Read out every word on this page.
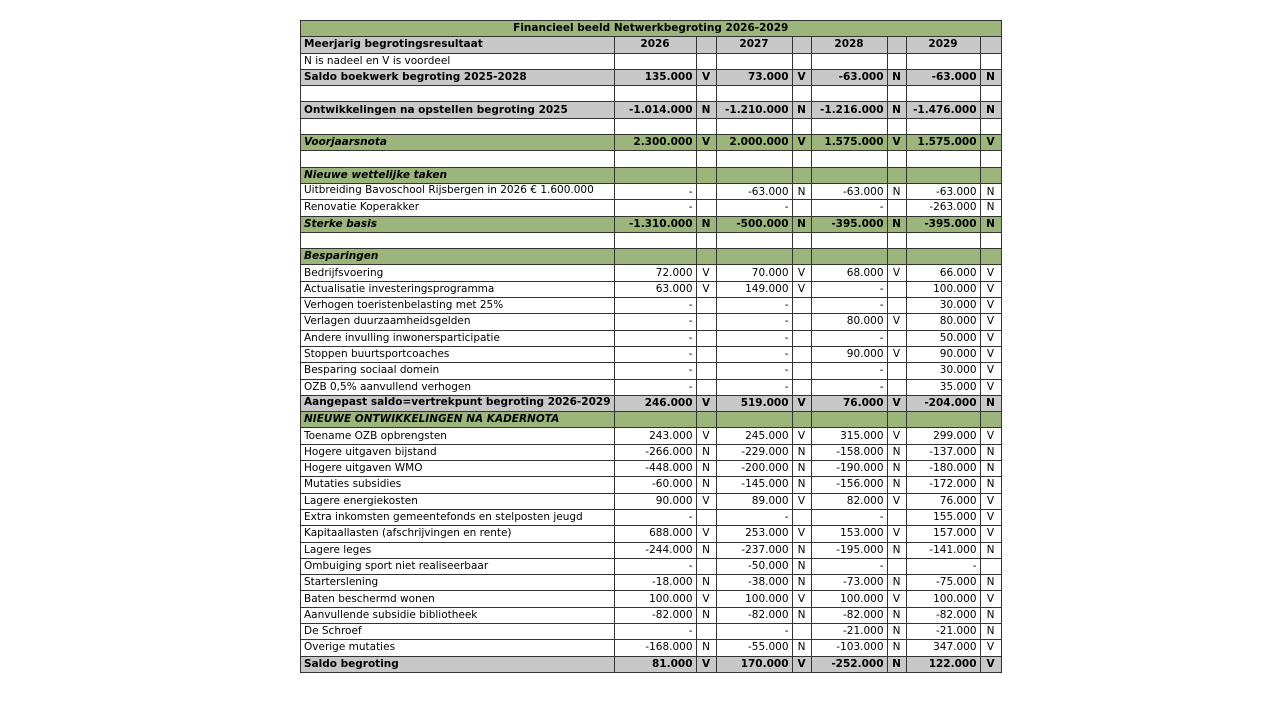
Financieel beeld Netwerkbegroting 2026-2029								
Meerjarig begrotingsresultaat	2026		2027		2028		2029	
N is nadeel en V is voordeel								
Saldo boekwerk begroting 2025-2028	135.000	V	73.000	V	-63.000	N	-63.000	N

Ontwikkelingen na opstellen begroting 2025	-1.014.000	N	-1.210.000	N	-1.216.000	N	-1.476.000	N

Voorjaarsnota	2.300.000	V	2.000.000	V	1.575.000	V	1.575.000	V

Nieuwe wettelijke taken								
Uitbreiding Bavoschool Rijsbergen in 2026 € 1.600.000	-		-63.000	N	-63.000	N	-63.000	N
Renovatie Koperakker	-		-		-		-263.000	N
Sterke basis	-1.310.000	N	-500.000	N	-395.000	N	-395.000	N

Besparingen								
Bedrijfsvoering	72.000	V	70.000	V	68.000	V	66.000	V
Actualisatie investeringsprogramma	63.000	V	149.000	V	-		100.000	V
Verhogen toeristenbelasting met 25%	-		-		-		30.000	V
Verlagen duurzaamheidsgelden	-		-		80.000	V	80.000	V
Andere invulling inwonersparticipatie	-		-		-		50.000	V
Stoppen buurtsportcoaches	-		-		90.000	V	90.000	V
Besparing sociaal domein	-		-		-		30.000	V
OZB 0,5% aanvullend verhogen	-		-		-		35.000	V
Aangepast saldo=vertrekpunt begroting 2026-2029	246.000	V	519.000	V	76.000	V	-204.000	N
NIEUWE ONTWIKKELINGEN NA KADERNOTA								
Toename OZB opbrengsten	243.000	V	245.000	V	315.000	V	299.000	V
Hogere uitgaven bijstand	-266.000	N	-229.000	N	-158.000	N	-137.000	N
Hogere uitgaven WMO	-448.000	N	-200.000	N	-190.000	N	-180.000	N
Mutaties subsidies	-60.000	N	-145.000	N	-156.000	N	-172.000	N
Lagere energiekosten	90.000	V	89.000	V	82.000	V	76.000	V
Extra inkomsten gemeentefonds en stelposten jeugd	-		-		-		155.000	V
Kapitaallasten (afschrijvingen en rente)	688.000	V	253.000	V	153.000	V	157.000	V
Lagere leges	-244.000	N	-237.000	N	-195.000	N	-141.000	N
Ombuiging sport niet realiseerbaar	-		-50.000	N	-		-	
Starterslening	-18.000	N	-38.000	N	-73.000	N	-75.000	N
Baten beschermd wonen	100.000	V	100.000	V	100.000	V	100.000	V
Aanvullende subsidie bibliotheek	-82.000	N	-82.000	N	-82.000	N	-82.000	N
De Schroef	-		-		-21.000	N	-21.000	N
Overige mutaties	-168.000	N	-55.000	N	-103.000	N	347.000	V
Saldo begroting	81.000	V	170.000	V	-252.000	N	122.000	V
